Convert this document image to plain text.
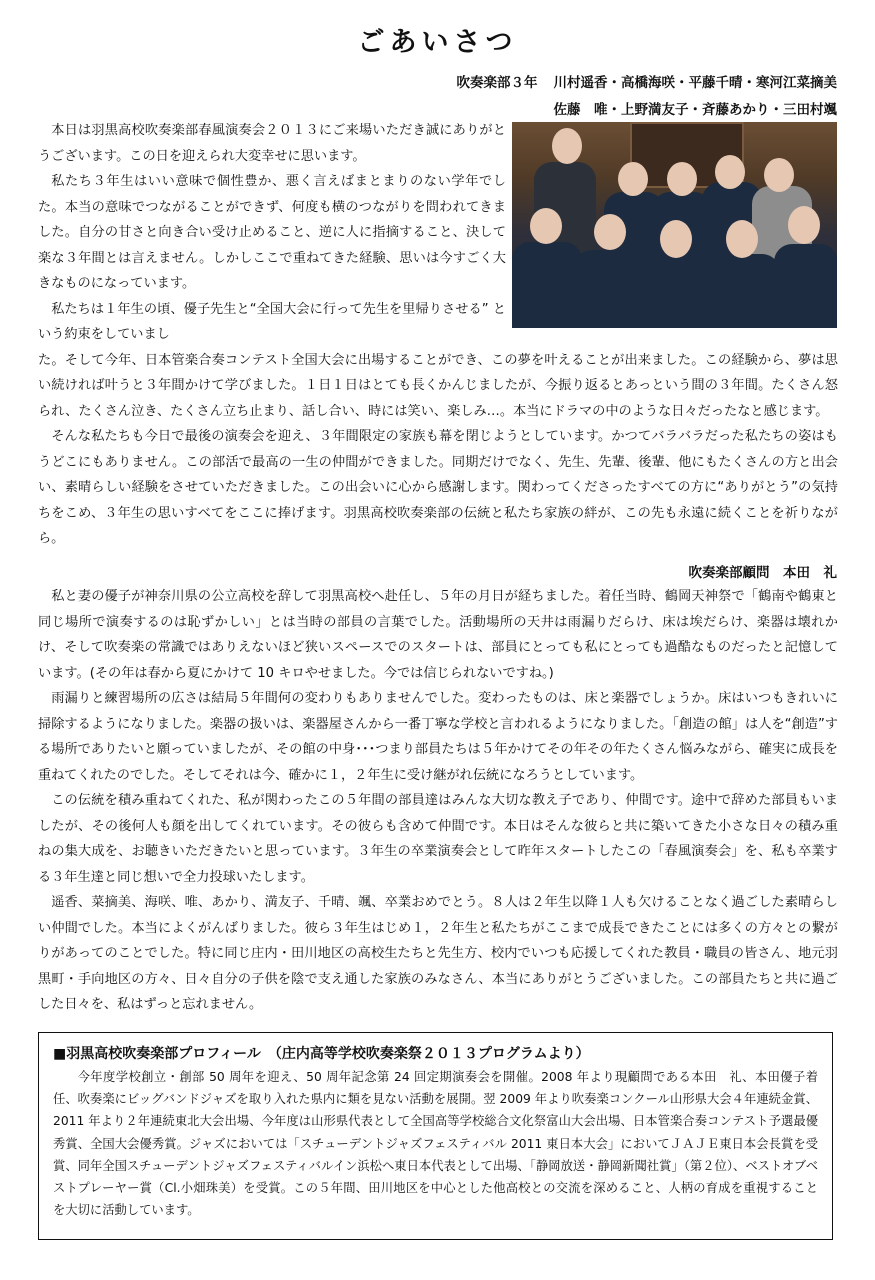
ごあいさつ
吹奏楽部３年 川村遥香・高橋海咲・平藤千晴・寒河江菜摘美
佐藤　唯・上野満友子・斉藤あかり・三田村颯

本日は羽黒高校吹奏楽部春風演奏会２０１３にご来場いただき誠にありがとうございます。この日を迎えられ大変幸せに思います。

私たち３年生はいい意味で個性豊か、悪く言えばまとまりのない学年でした。本当の意味でつながることができず、何度も横のつながりを問われてきました。自分の甘さと向き合い受け止めること、逆に人に指摘すること、決して楽な３年間とは言えません。しかしここで重ねてきた経験、思いは今すごく大きなものになっています。

私たちは１年生の頃、優子先生と“全国大会に行って先生を里帰りさせる” という約束をしていまし

た。そして今年、日本管楽合奏コンテスト全国大会に出場することができ、この夢を叶えることが出来ました。この経験から、夢は思い続ければ叶うと３年間かけて学びました。１日１日はとても長くかんじましたが、今振り返るとあっという間の３年間。たくさん怒られ、たくさん泣き、たくさん立ち止まり、話し合い、時には笑い、楽しみ…。本当にドラマの中のような日々だったなと感じます。

そんな私たちも今日で最後の演奏会を迎え、３年間限定の家族も幕を閉じようとしています。かつてバラバラだった私たちの姿はもうどこにもありません。この部活で最高の一生の仲間ができました。同期だけでなく、先生、先輩、後輩、他にもたくさんの方と出会い、素晴らしい経験をさせていただきました。この出会いに心から感謝します。関わってくださったすべての方に“ありがとう”の気持ちをこめ、３年生の思いすべてをここに捧げます。羽黒高校吹奏楽部の伝統と私たち家族の絆が、この先も永遠に続くことを祈りながら。

吹奏楽部顧問　本田　礼

私と妻の優子が神奈川県の公立高校を辞して羽黒高校へ赴任し、５年の月日が経ちました。着任当時、鶴岡天神祭で「鶴南や鶴東と同じ場所で演奏するのは恥ずかしい」とは当時の部員の言葉でした。活動場所の天井は雨漏りだらけ、床は埃だらけ、楽器は壊れかけ、そして吹奏楽の常識ではありえないほど狭いスペースでのスタートは、部員にとっても私にとっても過酷なものだったと記憶しています。(その年は春から夏にかけて 10 キロやせました。今では信じられないですね。)

雨漏りと練習場所の広さは結局５年間何の変わりもありませんでした。変わったものは、床と楽器でしょうか。床はいつもきれいに掃除するようになりました。楽器の扱いは、楽器屋さんから一番丁寧な学校と言われるようになりました。「創造の館」は人を“創造”する場所でありたいと願っていましたが、その館の中身･･･つまり部員たちは５年かけてその年その年たくさん悩みながら、確実に成長を重ねてくれたのでした。そしてそれは今、確かに１，２年生に受け継がれ伝統になろうとしています。

この伝統を積み重ねてくれた、私が関わったこの５年間の部員達はみんな大切な教え子であり、仲間です。途中で辞めた部員もいましたが、その後何人も顔を出してくれています。その彼らも含めて仲間です。本日はそんな彼らと共に築いてきた小さな日々の積み重ねの集大成を、お聴きいただきたいと思っています。３年生の卒業演奏会として昨年スタートしたこの「春風演奏会」を、私も卒業する３年生達と同じ想いで全力投球いたします。

遥香、菜摘美、海咲、唯、あかり、満友子、千晴、颯、卒業おめでとう。８人は２年生以降１人も欠けることなく過ごした素晴らしい仲間でした。本当によくがんばりました。彼ら３年生はじめ１，２年生と私たちがここまで成長できたことには多くの方々との繋がりがあってのことでした。特に同じ庄内・田川地区の高校生たちと先生方、校内でいつも応援してくれた教員・職員の皆さん、地元羽黒町・手向地区の方々、日々自分の子供を陰で支え通した家族のみなさん、本当にありがとうございました。この部員たちと共に過ごした日々を、私はずっと忘れません。

■羽黒高校吹奏楽部プロフィール　（庄内高等学校吹奏楽祭２０１３プログラムより）

今年度学校創立・創部 50 周年を迎え、50 周年記念第 24 回定期演奏会を開催。2008 年より現顧問である本田　礼、本田優子着任、吹奏楽にビッグバンドジャズを取り入れた県内に類を見ない活動を展開。翌 2009 年より吹奏楽コンクール山形県大会４年連続金賞、2011 年より２年連続東北大会出場、今年度は山形県代表として全国高等学校総合文化祭富山大会出場、日本管楽合奏コンテスト予選最優秀賞、全国大会優秀賞。ジャズにおいては「スチューデントジャズフェスティバル 2011 東日本大会」においてＪＡＪＥ東日本会長賞を受賞、同年全国スチューデントジャズフェスティバルイン浜松へ東日本代表として出場、「静岡放送・静岡新聞社賞」（第２位）、ベストオブベストプレーヤー賞（Cl.小畑珠美）を受賞。この５年間、田川地区を中心とした他高校との交流を深めること、人柄の育成を重視することを大切に活動しています。
